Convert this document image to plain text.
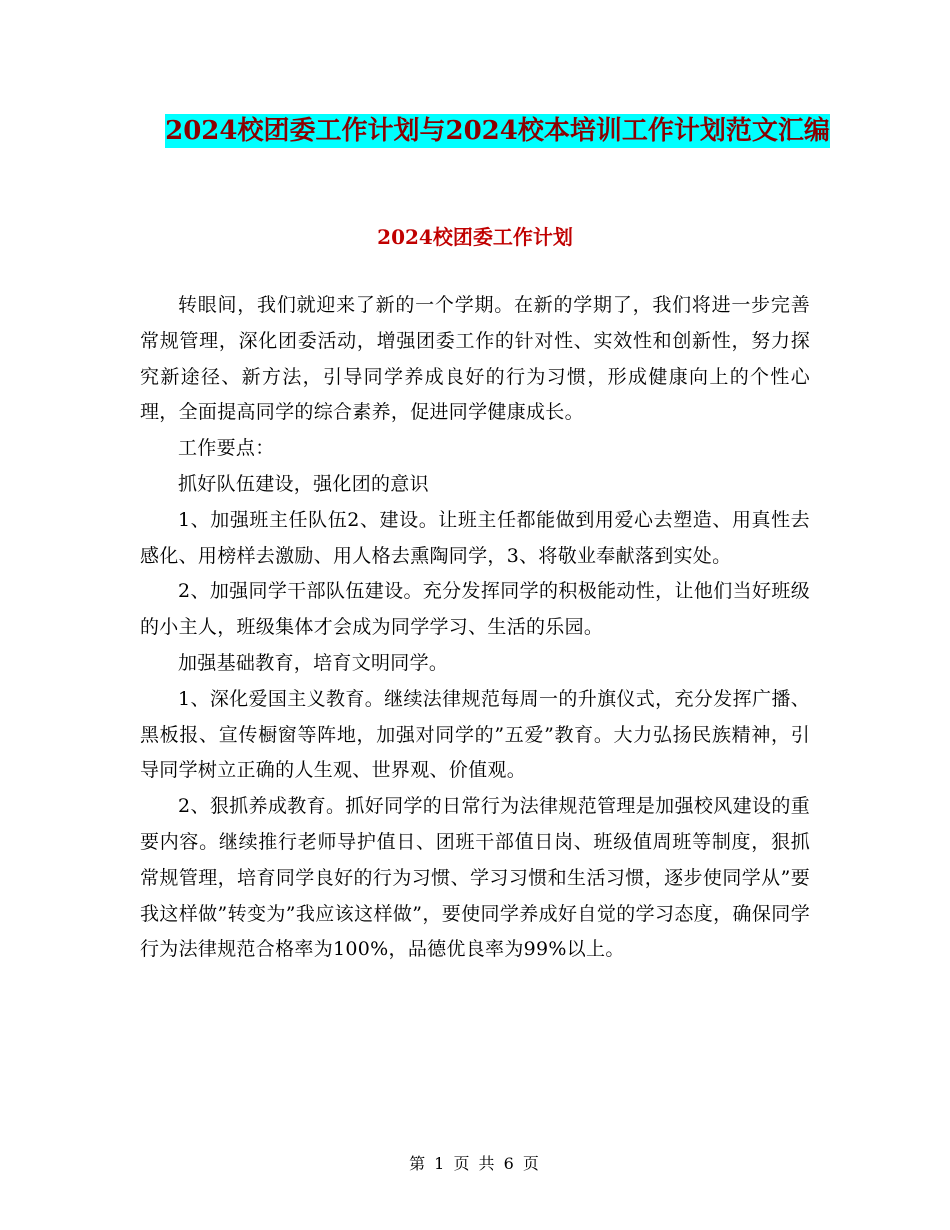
2024校团委工作计划与2024校本培训工作计划范文汇编
2024校团委工作计划

转眼间，我们就迎来了新的一个学期。在新的学期了，我们将进一步完善常规管理，深化团委活动，增强团委工作的针对性、实效性和创新性，努力探究新途径、新方法，引导同学养成良好的行为习惯，形成健康向上的个性心理，全面提高同学的综合素养，促进同学健康成长。

工作要点：

抓好队伍建设，强化团的意识

1、加强班主任队伍2、建设。让班主任都能做到用爱心去塑造、用真性去感化、用榜样去激励、用人格去熏陶同学，3、将敬业奉献落到实处。

2、加强同学干部队伍建设。充分发挥同学的积极能动性，让他们当好班级的小主人，班级集体才会成为同学学习、生活的乐园。

加强基础教育，培育文明同学。

1、深化爱国主义教育。继续法律规范每周一的升旗仪式，充分发挥广播、黑板报、宣传橱窗等阵地，加强对同学的”五爱”教育。大力弘扬民族精神，引导同学树立正确的人生观、世界观、价值观。

2、狠抓养成教育。抓好同学的日常行为法律规范管理是加强校风建设的重要内容。继续推行老师导护值日、团班干部值日岗、班级值周班等制度，狠抓常规管理，培育同学良好的行为习惯、学习习惯和生活习惯，逐步使同学从”要我这样做”转变为”我应该这样做”，要使同学养成好自觉的学习态度，确保同学行为法律规范合格率为100%，品德优良率为99%以上。

第 1 页 共 6 页
